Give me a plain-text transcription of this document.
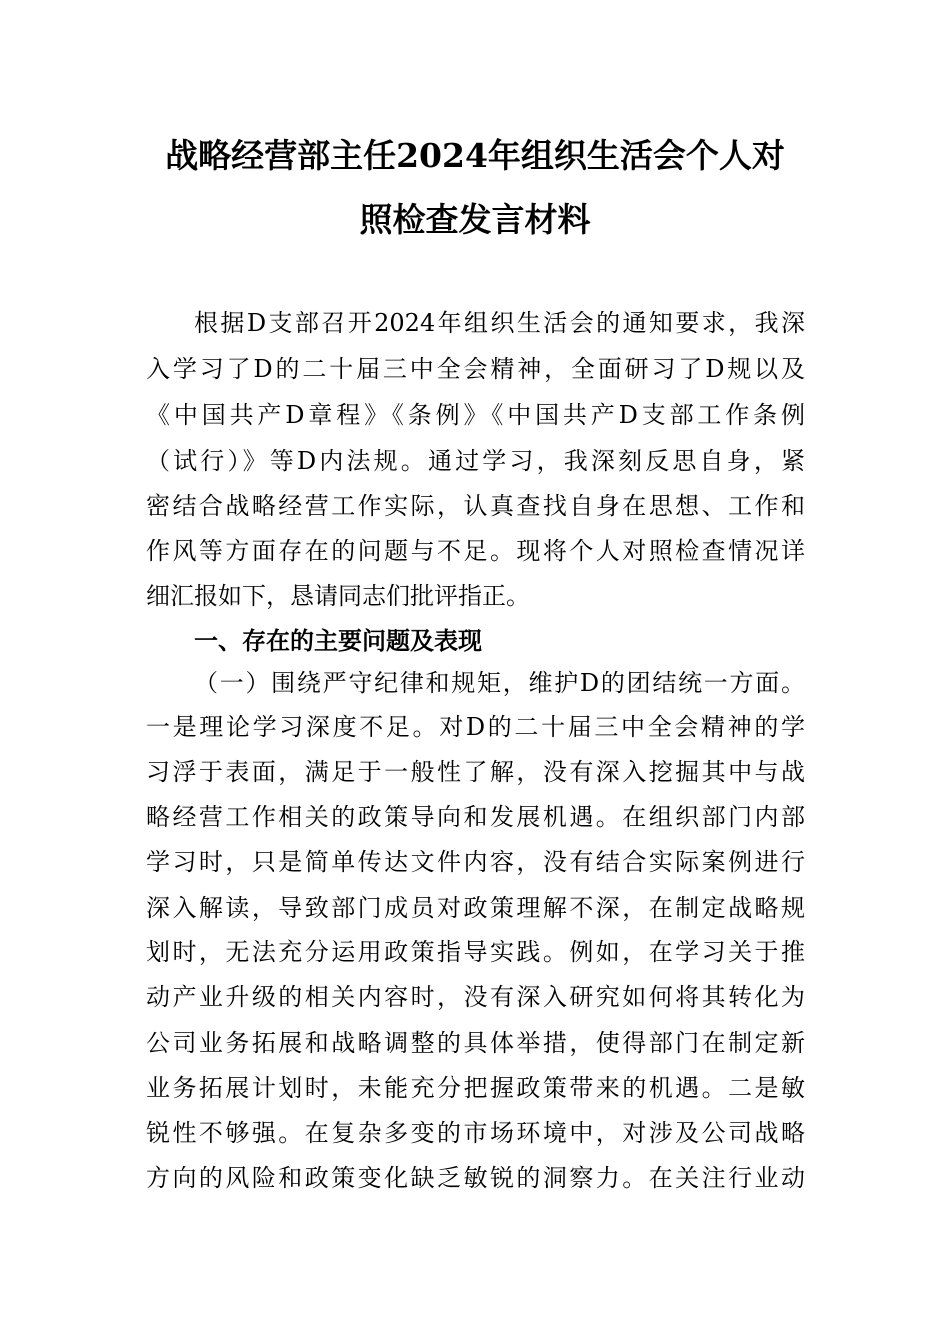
战略经营部主任2024年组织生活会个人对
照检查发言材料
根据D支部召开2024年组织生活会的通知要求，我深
入学习了D的二十届三中全会精神，全面研习了D规以及
《中国共产D章程》《条例》《中国共产D支部工作条例
（试行）》等D内法规。通过学习，我深刻反思自身，紧
密结合战略经营工作实际，认真查找自身在思想、工作和
作风等方面存在的问题与不足。现将个人对照检查情况详
细汇报如下，恳请同志们批评指正。
一、存在的主要问题及表现
（一）围绕严守纪律和规矩，维护D的团结统一方面。
一是理论学习深度不足。对D的二十届三中全会精神的学
习浮于表面，满足于一般性了解，没有深入挖掘其中与战
略经营工作相关的政策导向和发展机遇。在组织部门内部
学习时，只是简单传达文件内容，没有结合实际案例进行
深入解读，导致部门成员对政策理解不深，在制定战略规
划时，无法充分运用政策指导实践。例如，在学习关于推
动产业升级的相关内容时，没有深入研究如何将其转化为
公司业务拓展和战略调整的具体举措，使得部门在制定新
业务拓展计划时，未能充分把握政策带来的机遇。二是敏
锐性不够强。在复杂多变的市场环境中，对涉及公司战略
方向的风险和政策变化缺乏敏锐的洞察力。在关注行业动
